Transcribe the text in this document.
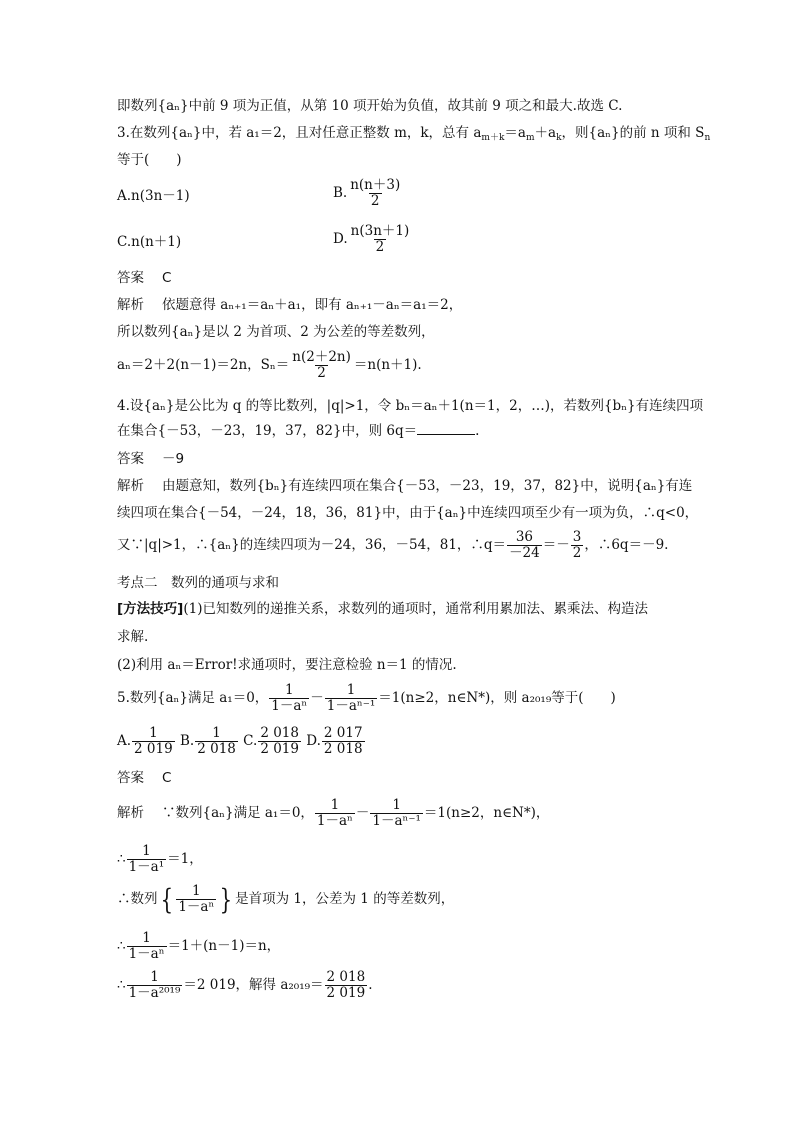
即数列{aₙ}中前 9 项为正值，从第 10 项开始为负值，故其前 9 项之和最大.故选 C.
3.在数列{aₙ}中，若 a₁＝2，且对任意正整数 m，k，总有 $a_{m+k}=a_m+a_k$，则{aₙ}的前 n 项和 $S_n$
等于(　　)
A.n(3n－1)	B. $\frac{n(n+3)}{2}$
C.n(n＋1)	D. $\frac{n(3n+1)}{2}$
答案 C
解析 依题意得 aₙ₊₁＝aₙ＋a₁，即有 aₙ₊₁－aₙ＝a₁＝2，
所以数列{aₙ}是以 2 为首项、2 为公差的等差数列，
aₙ＝2＋2(n－1)＝2n，$S_n= \frac{n(2+2n)}{2} =n(n+1)$.
4.设{aₙ}是公比为 q 的等比数列，|q|>1，令 bₙ＝aₙ＋1(n＝1，2，…)，若数列{bₙ}有连续四项
在集合{－53，－23，19，37，82}中，则 6q＝	.
答案 －9
解析 由题意知，数列{bₙ}有连续四项在集合{－53，－23，19，37，82}中，说明{aₙ}有连
续四项在集合{－54，－24，18，36，81}中，由于{aₙ}中连续四项至少有一项为负，∴q<0，
又∵|q|>1，∴{aₙ}的连续四项为－24，36，－54，81，∴q＝ $\frac{36}{-24} =- \frac{3}{2}$ ，∴6q＝－9.
考点二　数列的通项与求和
[方法技巧](1)已知数列的递推关系，求数列的通项时，通常利用累加法、累乘法、构造法
求解.
(2)利用 aₙ＝Error!求通项时，要注意检验 n＝1 的情况.
5.数列{aₙ}满足 a₁＝0， $\frac{1}{\text{1－aⁿ}} - \frac{1}{\text{1－aⁿ⁻¹}} =1(n\ge 2$，n∈N*)，则 a₂₀₁₉等于(　　)
A. $\frac{1}{2 019} B$. $\frac{1}{2 018} C$. $\frac{2 018}{2 019} D$. $\frac{2 017}{2 018}$
答案 C
解析 ∵数列{aₙ}满足 a₁＝0， $\frac{1}{\text{1－aⁿ}} - \frac{1}{\text{1－aⁿ⁻¹}} =1(n\ge 2$，n∈N*)，
∴ $\frac{1}{\text{1－a¹}} =1$，
∴数列{ $\frac{1}{\text{1－aⁿ}}$ } 是首项为 1，公差为 1 的等差数列，
∴ $\frac{1}{\text{1－aⁿ}} =1+(n-1)=n$，
∴ $\frac{1}{\text{1－a²⁰¹⁹}} =2$ 019，解得 $a_{2019}= \frac{2 018}{2 019}$ .
